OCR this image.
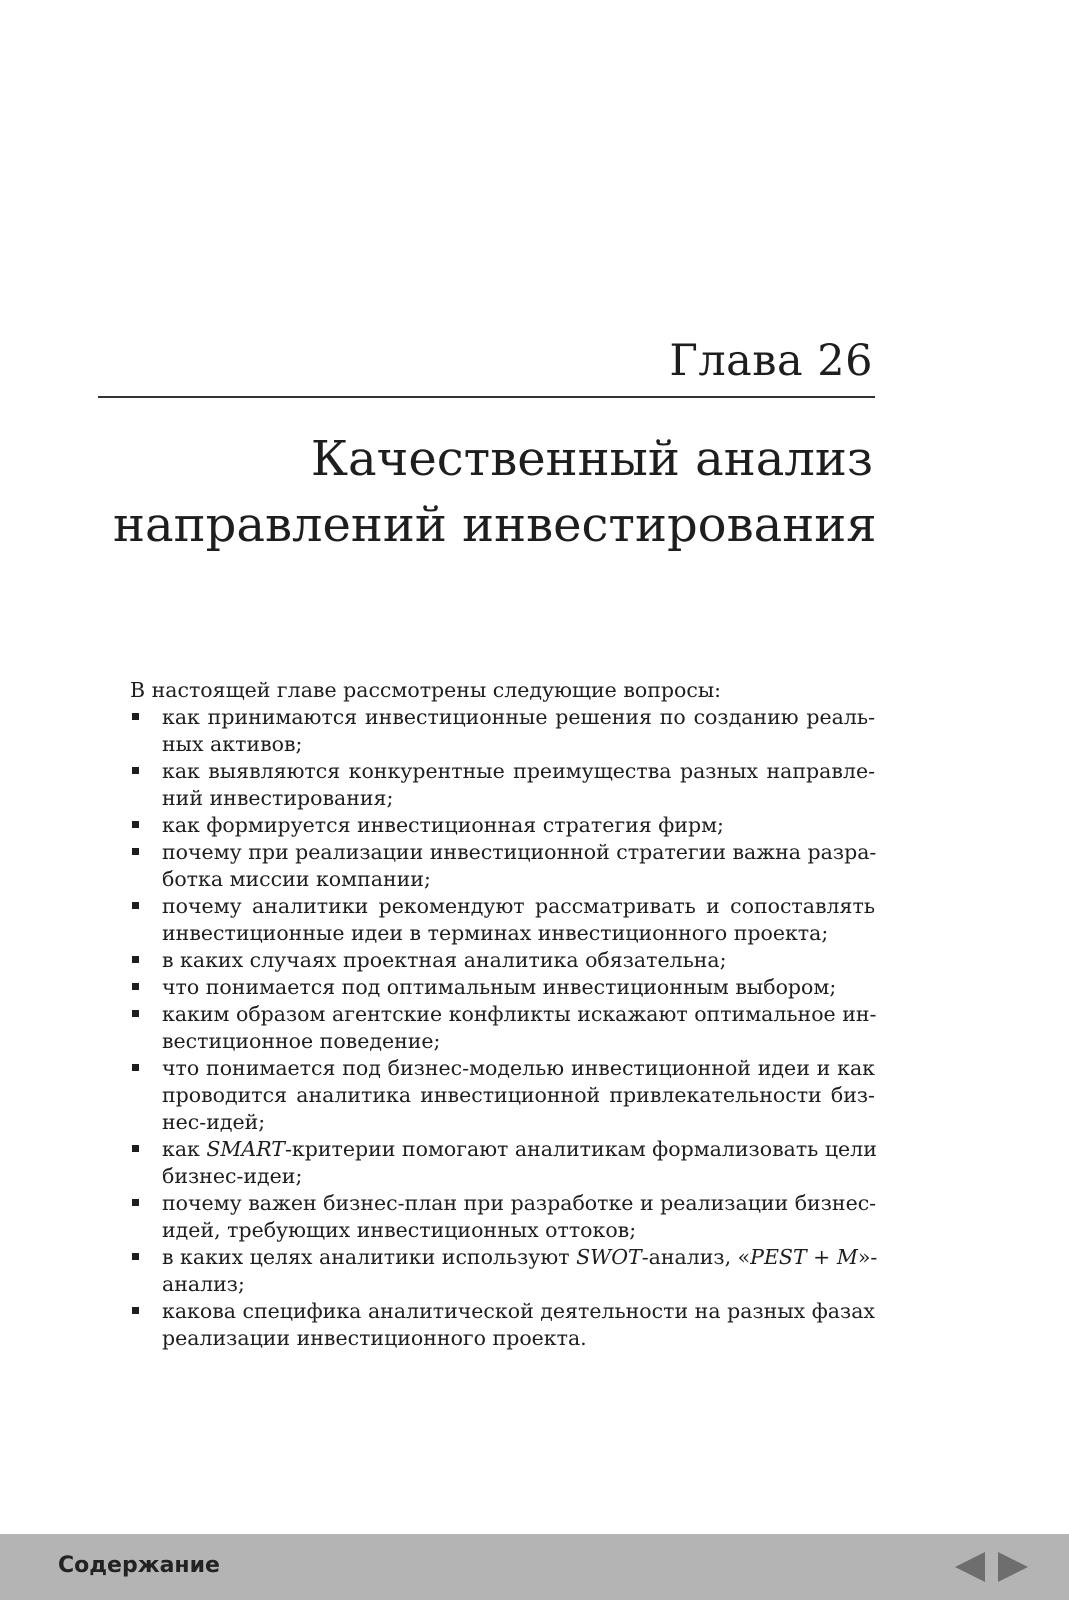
Глава 26
Качественный анализ
направлений инвестирования

В настоящей главе рассмотрены следующие вопросы:

как принимаются инвестиционные решения по созданию реаль-
ных активов;
как выявляются конкурентные преимущества разных направле-
ний инвестирования;
как формируется инвестиционная стратегия фирм;
почему при реализации инвестиционной стратегии важна разра-
ботка миссии компании;
почему аналитики рекомендуют рассматривать и сопоставлять
инвестиционные идеи в терминах инвестиционного проекта;
в каких случаях проектная аналитика обязательна;
что понимается под оптимальным инвестиционным выбором;
каким образом агентские конфликты искажают оптимальное ин-
вестиционное поведение;
что понимается под бизнес-моделью инвестиционной идеи и как
проводится аналитика инвестиционной привлекательности биз-
нес-идей;
как SMART-критерии помогают аналитикам формализовать цели
бизнес-идеи;
почему важен бизнес-план при разработке и реализации бизнес-
идей, требующих инвестиционных оттоков;
в каких целях аналитики используют SWOT-анализ, «PEST + M»-
анализ;
какова специфика аналитической деятельности на разных фазах
реализации инвестиционного проекта.
Содержание
